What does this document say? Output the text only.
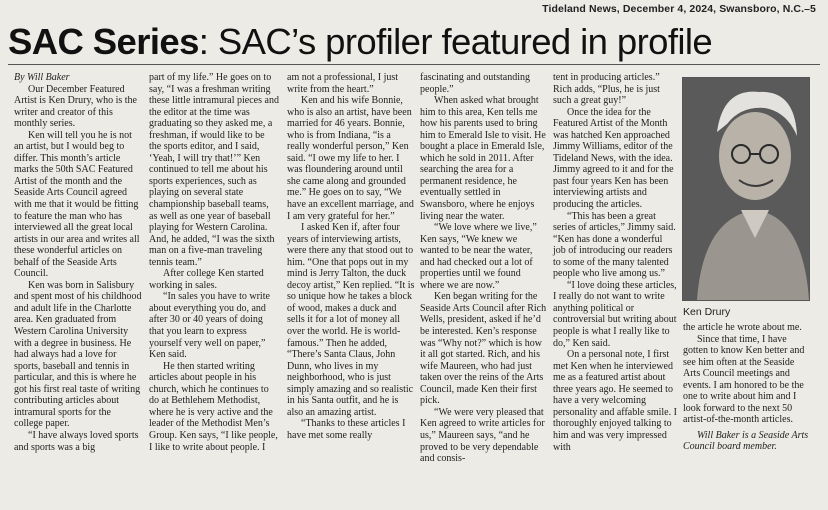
Tideland News, December 4, 2024, Swansboro, N.C.–5
SAC Series: SAC’s profiler featured in profile

By Will Baker

Our December Featured Artist is Ken Drury, who is the writer and creator of this monthly series.

Ken will tell you he is not an artist, but I would beg to differ. This month’s article marks the 50th SAC Featured Artist of the month and the Seaside Arts Council agreed with me that it would be fitting to feature the man who has interviewed all the great local artists in our area and writes all these wonderful articles on behalf of the Seaside Arts Council.

Ken was born in Salisbury and spent most of his childhood and adult life in the Charlotte area. Ken graduated from Western Carolina University with a degree in business. He had always had a love for sports, baseball and tennis in particular, and this is where he got his first real taste of writing contributing articles about intramural sports for the college paper.

“I have always loved sports and sports was a big

part of my life.” He goes on to say, “I was a freshman writing these little intramural pieces and the editor at the time was graduating so they asked me, a freshman, if would like to be the sports editor, and I said, ‘Yeah, I will try that!’” Ken continued to tell me about his sports experiences, such as playing on several state championship baseball teams, as well as one year of baseball playing for Western Carolina. And, he added, “I was the sixth man on a five-man traveling tennis team.”

After college Ken started working in sales.

“In sales you have to write about everything you do, and after 30 or 40 years of doing that you learn to express yourself very well on paper,” Ken said.

He then started writing articles about people in his church, which he continues to do at Bethlehem Methodist, where he is very active and the leader of the Methodist Men’s Group. Ken says, “I like people, I like to write about people. I

am not a professional, I just write from the heart.”

Ken and his wife Bonnie, who is also an artist, have been married for 46 years. Bonnie, who is from Indiana, “is a really wonderful person,” Ken said. “I owe my life to her. I was floundering around until she came along and grounded me.” He goes on to say, “We have an excellent marriage, and I am very grateful for her.”

I asked Ken if, after four years of interviewing artists, were there any that stood out to him. “One that pops out in my mind is Jerry Talton, the duck decoy artist,” Ken replied. “It is so unique how he takes a block of wood, makes a duck and sells it for a lot of money all over the world. He is world-famous.” Then he added, “There’s Santa Claus, John Dunn, who lives in my neighborhood, who is just simply amazing and so realistic in his Santa outfit, and he is also an amazing artist.

“Thanks to these articles I have met some really

fascinating and outstanding people.”

When asked what brought him to this area, Ken tells me how his parents used to bring him to Emerald Isle to visit. He bought a place in Emerald Isle, which he sold in 2011. After searching the area for a permanent residence, he eventually settled in Swansboro, where he enjoys living near the water.

“We love where we live,” Ken says, “We knew we wanted to be near the water, and had checked out a lot of properties until we found where we are now.”

Ken began writing for the Seaside Arts Council after Rich Wells, president, asked if he’d be interested. Ken’s response was “Why not?” which is how it all got started. Rich, and his wife Maureen, who had just taken over the reins of the Arts Council, made Ken their first pick.

“We were very pleased that Ken agreed to write articles for us,” Maureen says, “and he proved to be very dependable and consis-

tent in producing articles.” Rich adds, “Plus, he is just such a great guy!”

Once the idea for the Featured Artist of the Month was hatched Ken approached Jimmy Williams, editor of the Tideland News, with the idea. Jimmy agreed to it and for the past four years Ken has been interviewing artists and producing the articles.

“This has been a great series of articles,” Jimmy said. “Ken has done a wonderful job of introducing our readers to some of the many talented people who live among us.”

“I love doing these articles, I really do not want to write anything political or controversial but writing about people is what I really like to do,” Ken said.

On a personal note, I first met Ken when he interviewed me as a featured artist about three years ago. He seemed to have a very welcoming personality and affable smile. I thoroughly enjoyed talking to him and was very impressed with

Ken Drury

the article he wrote about me.

Since that time, I have gotten to know Ken better and see him often at the Seaside Arts Council meetings and events. I am honored to be the one to write about him and I look forward to the next 50 artist-of-the-month articles.

Will Baker is a Seaside Arts Council board member.
